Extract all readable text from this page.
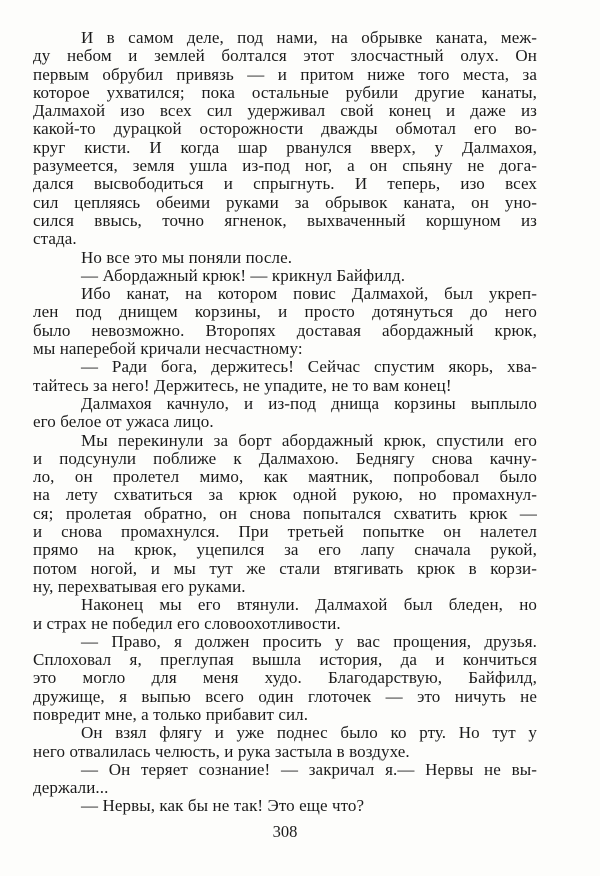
И в самом деле, под нами, на обрывке каната, меж-
ду небом и землей болтался этот злосчастный олух. Он
первым обрубил привязь — и притом ниже того места, за
которое ухватился; пока остальные рубили другие канаты,
Далмахой изо всех сил удерживал свой конец и даже из
какой-то дурацкой осторожности дважды обмотал его во-
круг кисти. И когда шар рванулся вверх, у Далмахоя,
разумеется, земля ушла из-под ног, а он спьяну не дога-
дался высвободиться и спрыгнуть. И теперь, изо всех
сил цепляясь обеими руками за обрывок каната, он уно-
сился ввысь, точно ягненок, выхваченный коршуном из
стада.
Но все это мы поняли после.
— Абордажный крюк! — крикнул Байфилд.
Ибо канат, на котором повис Далмахой, был укреп-
лен под днищем корзины, и просто дотянуться до него
было невозможно. Второпях доставая абордажный крюк,
мы наперебой кричали несчастному:
— Ради бога, держитесь! Сейчас спустим якорь, хва-
тайтесь за него! Держитесь, не упадите, не то вам конец!
Далмахоя качнуло, и из-под днища корзины выплыло
его белое от ужаса лицо.
Мы перекинули за борт абордажный крюк, спустили его
и подсунули поближе к Далмахою. Беднягу снова качну-
ло, он пролетел мимо, как маятник, попробовал было
на лету схватиться за крюк одной рукою, но промахнул-
ся; пролетая обратно, он снова попытался схватить крюк —
и снова промахнулся. При третьей попытке он налетел
прямо на крюк, уцепился за его лапу сначала рукой,
потом ногой, и мы тут же стали втягивать крюк в корзи-
ну, перехватывая его руками.
Наконец мы его втянули. Далмахой был бледен, но
и страх не победил его словоохотливости.
— Право, я должен просить у вас прощения, друзья.
Сплоховал я, преглупая вышла история, да и кончиться
это могло для меня худо. Благодарствую, Байфилд,
дружище, я выпью всего один глоточек — это ничуть не
повредит мне, а только прибавит сил.
Он взял флягу и уже поднес было ко рту. Но тут у
него отвалилась челюсть, и рука застыла в воздухе.
— Он теряет сознание! — закричал я.— Нервы не вы-
держали...
— Нервы, как бы не так! Это еще что?
308
